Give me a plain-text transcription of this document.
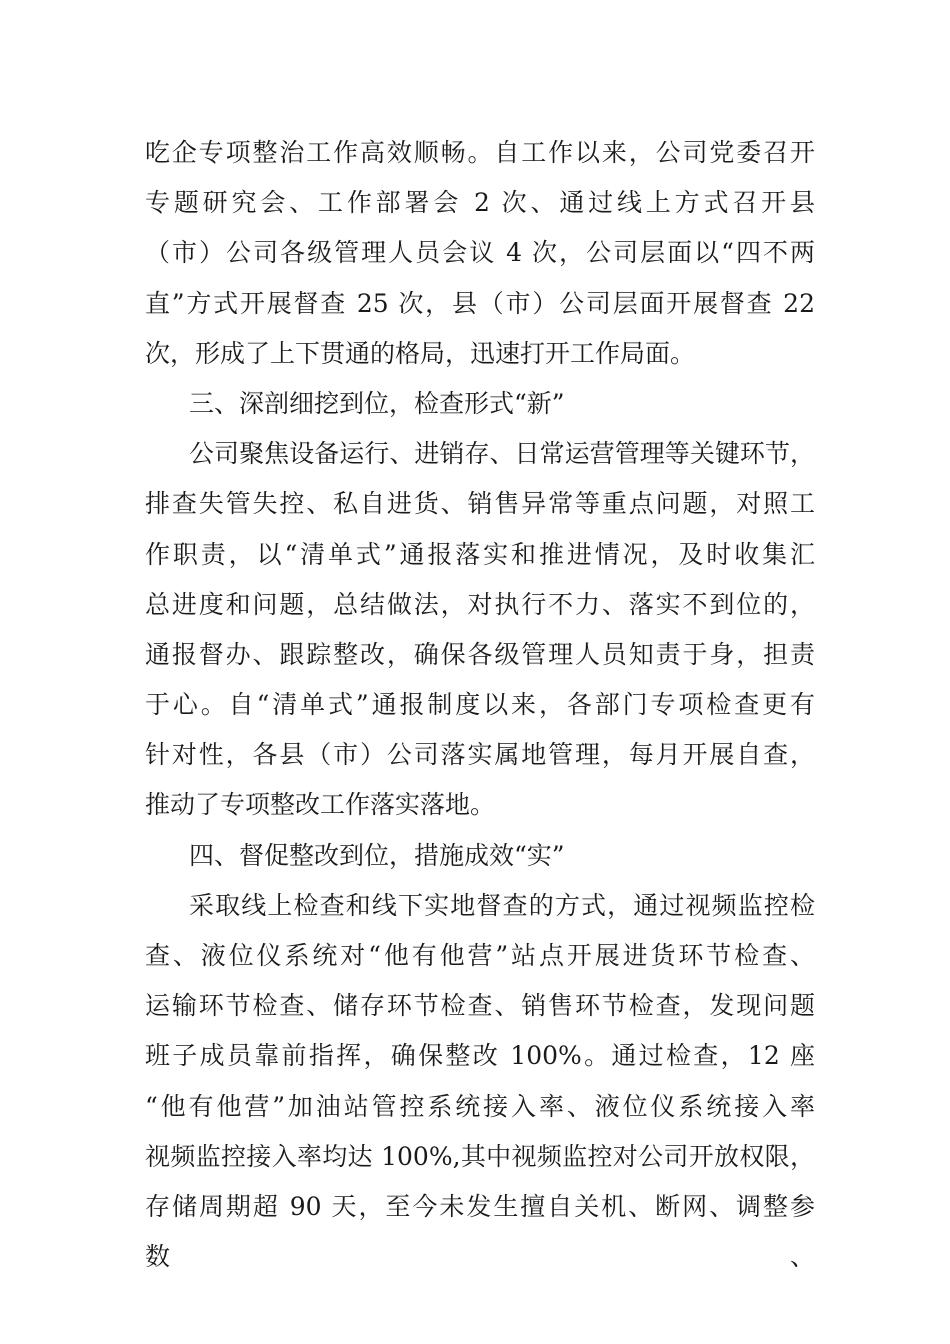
吃企专项整治工作高效顺畅。自工作以来，公司党委召开
专题研究会、工作部署会 2 次、通过线上方式召开县
（市）公司各级管理人员会议 4 次，公司层面以“四不两
直”方式开展督查 25 次，县（市）公司层面开展督查 22
次，形成了上下贯通的格局，迅速打开工作局面。
三、深剖细挖到位，检查形式“新”
公司聚焦设备运行、进销存、日常运营管理等关键环节，
排查失管失控、私自进货、销售异常等重点问题，对照工
作职责，以“清单式”通报落实和推进情况，及时收集汇
总进度和问题，总结做法，对执行不力、落实不到位的，
通报督办、跟踪整改，确保各级管理人员知责于身，担责
于心。自“清单式”通报制度以来，各部门专项检查更有
针对性，各县（市）公司落实属地管理，每月开展自查，
推动了专项整改工作落实落地。
四、督促整改到位，措施成效“实”
采取线上检查和线下实地督查的方式，通过视频监控检
查、液位仪系统对“他有他营”站点开展进货环节检查、
运输环节检查、储存环节检查、销售环节检查，发现问题
班子成员靠前指挥，确保整改 100%。通过检查，12 座
“他有他营”加油站管控系统接入率、液位仪系统接入率
视频监控接入率均达 100%,其中视频监控对公司开放权限，
存储周期超 90 天，至今未发生擅自关机、断网、调整参数、
